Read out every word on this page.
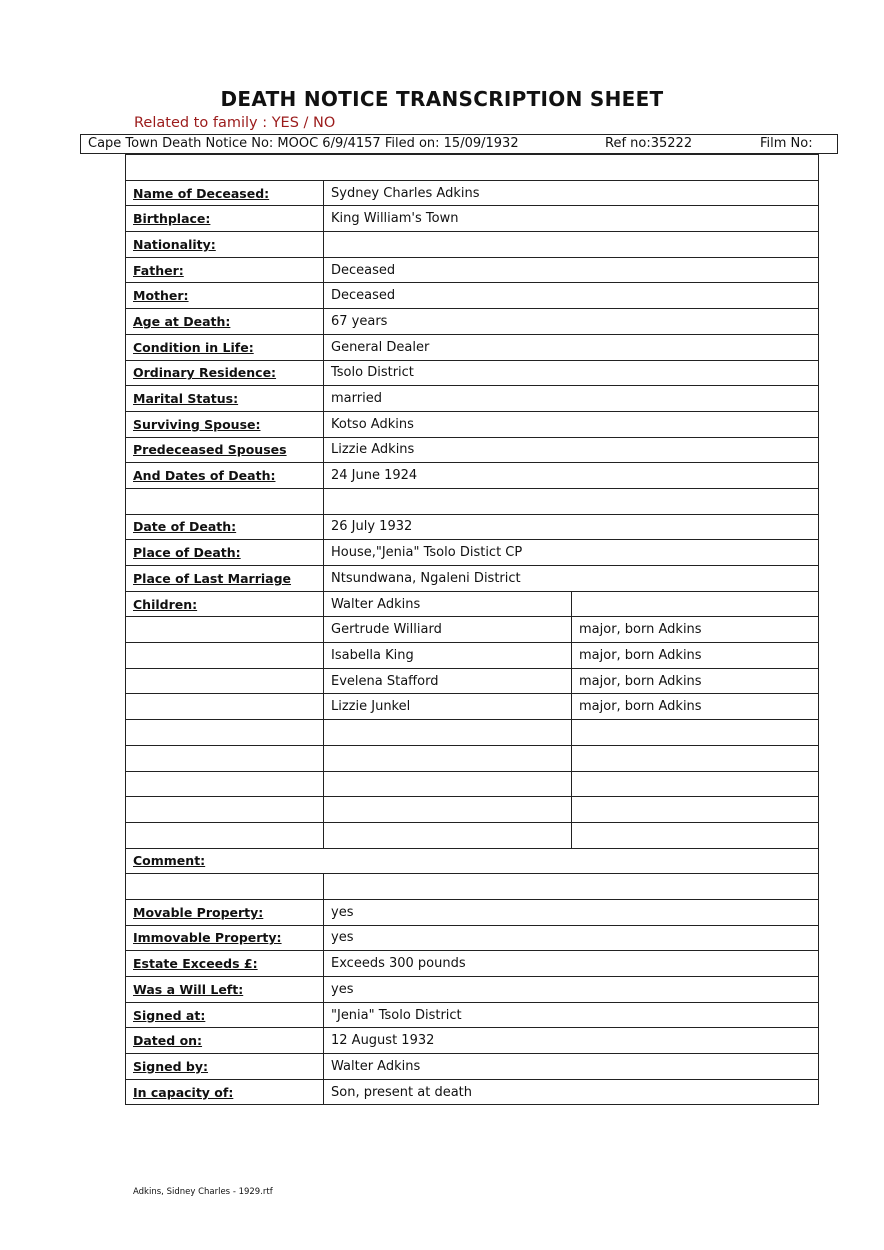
DEATH NOTICE TRANSCRIPTION SHEET
Related to family : YES / NO
Cape Town Death Notice No: MOOC 6/9/4157 Filed on: 15/09/1932	Ref no:35222	Film No:

Name of Deceased:	Sydney Charles Adkins	
Birthplace:	King William's Town	
Nationality:		
Father:	Deceased	
Mother:	Deceased	
Age at Death:	67 years	
Condition in Life:	General Dealer	
Ordinary Residence:	Tsolo District	
Marital Status:	married	
Surviving Spouse:	Kotso Adkins	
Predeceased Spouses	Lizzie Adkins	
And Dates of Death:	24 June 1924	

Date of Death:	26 July 1932	
Place of Death:	House,"Jenia" Tsolo Distict CP	
Place of Last Marriage	Ntsundwana, Ngaleni District	
Children:	Walter Adkins	
	Gertrude Williard	major, born Adkins
	Isabella King	major, born Adkins
	Evelena Stafford	major, born Adkins
	Lizzie Junkel	major, born Adkins

Comment:		

Movable Property:	yes	
Immovable Property:	yes	
Estate Exceeds £:	Exceeds 300 pounds	
Was a Will Left:	yes	
Signed at:	"Jenia" Tsolo District	
Dated on:	12 August 1932	
Signed by:	Walter Adkins	
In capacity of:	Son, present at death	
Adkins, Sidney Charles - 1929.rtf
